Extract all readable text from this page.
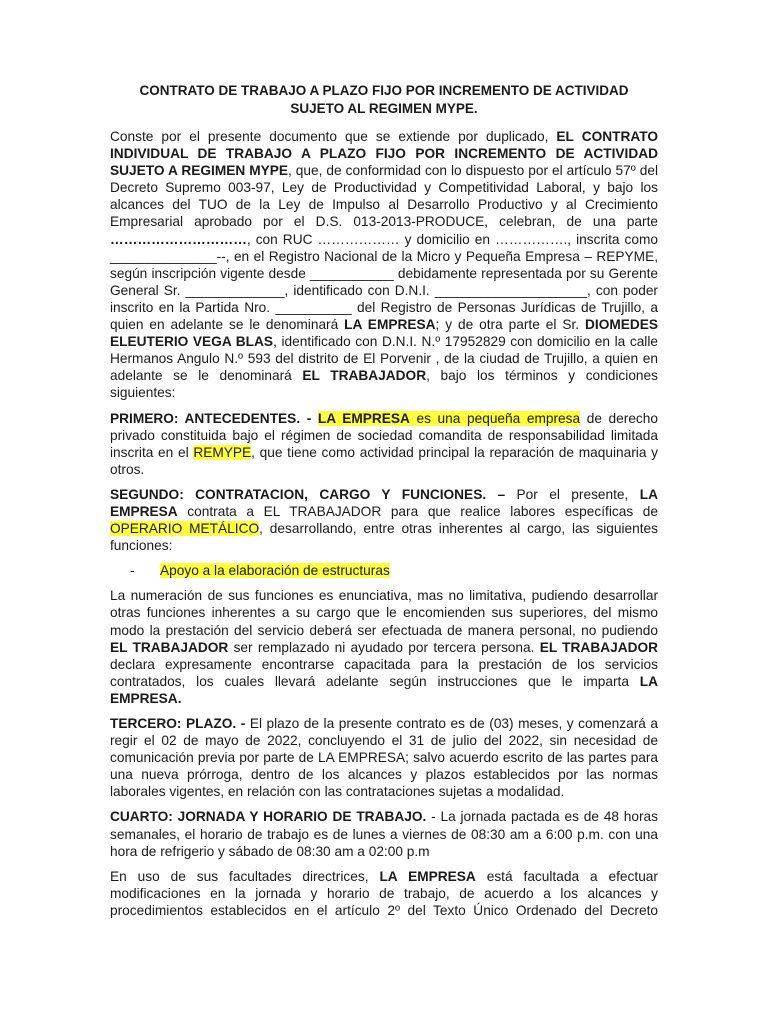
CONTRATO DE TRABAJO A PLAZO FIJO POR INCREMENTO DE ACTIVIDAD
SUJETO AL REGIMEN MYPE.

Conste por el presente documento que se extiende por duplicado, EL CONTRATO INDIVIDUAL DE TRABAJO A PLAZO FIJO POR INCREMENTO DE ACTIVIDAD SUJETO A REGIMEN MYPE, que, de conformidad con lo dispuesto por el artículo 57º del Decreto Supremo 003-97, Ley de Productividad y Competitividad Laboral, y bajo los alcances del TUO de la Ley de Impulso al Desarrollo Productivo y al Crecimiento Empresarial aprobado por el D.S. 013-2013-PRODUCE, celebran, de una parte …………………………, con RUC ……………… y domicilio en ……………., inscrita como ______________--, en el Registro Nacional de la Micro y Pequeña Empresa – REPYME, según inscripción vigente desde ___________ debidamente representada por su Gerente General Sr. _____________, identificado con D.N.I. ____________________, con poder inscrito en la Partida Nro. __________ del Registro de Personas Jurídicas de Trujillo, a quien en adelante se le denominará LA EMPRESA; y de otra parte el Sr. DIOMEDES ELEUTERIO VEGA BLAS, identificado con D.N.I. N.º 17952829 con domicilio en la calle Hermanos Angulo N.º 593 del distrito de El Porvenir , de la ciudad de Trujillo, a quien en adelante se le denominará EL TRABAJADOR, bajo los términos y condiciones siguientes:

PRIMERO: ANTECEDENTES. - LA EMPRESA es una pequeña empresa de derecho privado constituida bajo el régimen de sociedad comandita de responsabilidad limitada inscrita en el REMYPE, que tiene como actividad principal la reparación de maquinaria y otros.

SEGUNDO: CONTRATACION, CARGO Y FUNCIONES. – Por el presente, LA EMPRESA contrata a EL TRABAJADOR para que realice labores específicas de OPERARIO METÁLICO, desarrollando, entre otras inherentes al cargo, las siguientes funciones:

- Apoyo a la elaboración de estructuras

La numeración de sus funciones es enunciativa, mas no limitativa, pudiendo desarrollar otras funciones inherentes a su cargo que le encomienden sus superiores, del mismo modo la prestación del servicio deberá ser efectuada de manera personal, no pudiendo EL TRABAJADOR ser remplazado ni ayudado por tercera persona. EL TRABAJADOR declara expresamente encontrarse capacitada para la prestación de los servicios contratados, los cuales llevará adelante según instrucciones que le imparta LA EMPRESA.

TERCERO: PLAZO. - El plazo de la presente contrato es de (03) meses, y comenzará a regir el 02 de mayo de 2022, concluyendo el 31 de julio del 2022, sin necesidad de comunicación previa por parte de LA EMPRESA; salvo acuerdo escrito de las partes para una nueva prórroga, dentro de los alcances y plazos establecidos por las normas laborales vigentes, en relación con las contrataciones sujetas a modalidad.

CUARTO: JORNADA Y HORARIO DE TRABAJO. - La jornada pactada es de 48 horas semanales, el horario de trabajo es de lunes a viernes de 08:30 am a 6:00 p.m. con una hora de refrigerio y sábado de 08:30 am a 02:00 p.m

En uso de sus facultades directrices, LA EMPRESA está facultada a efectuar modificaciones en la jornada y horario de trabajo, de acuerdo a los alcances y procedimientos establecidos en el artículo 2º del Texto Único Ordenado del Decreto
